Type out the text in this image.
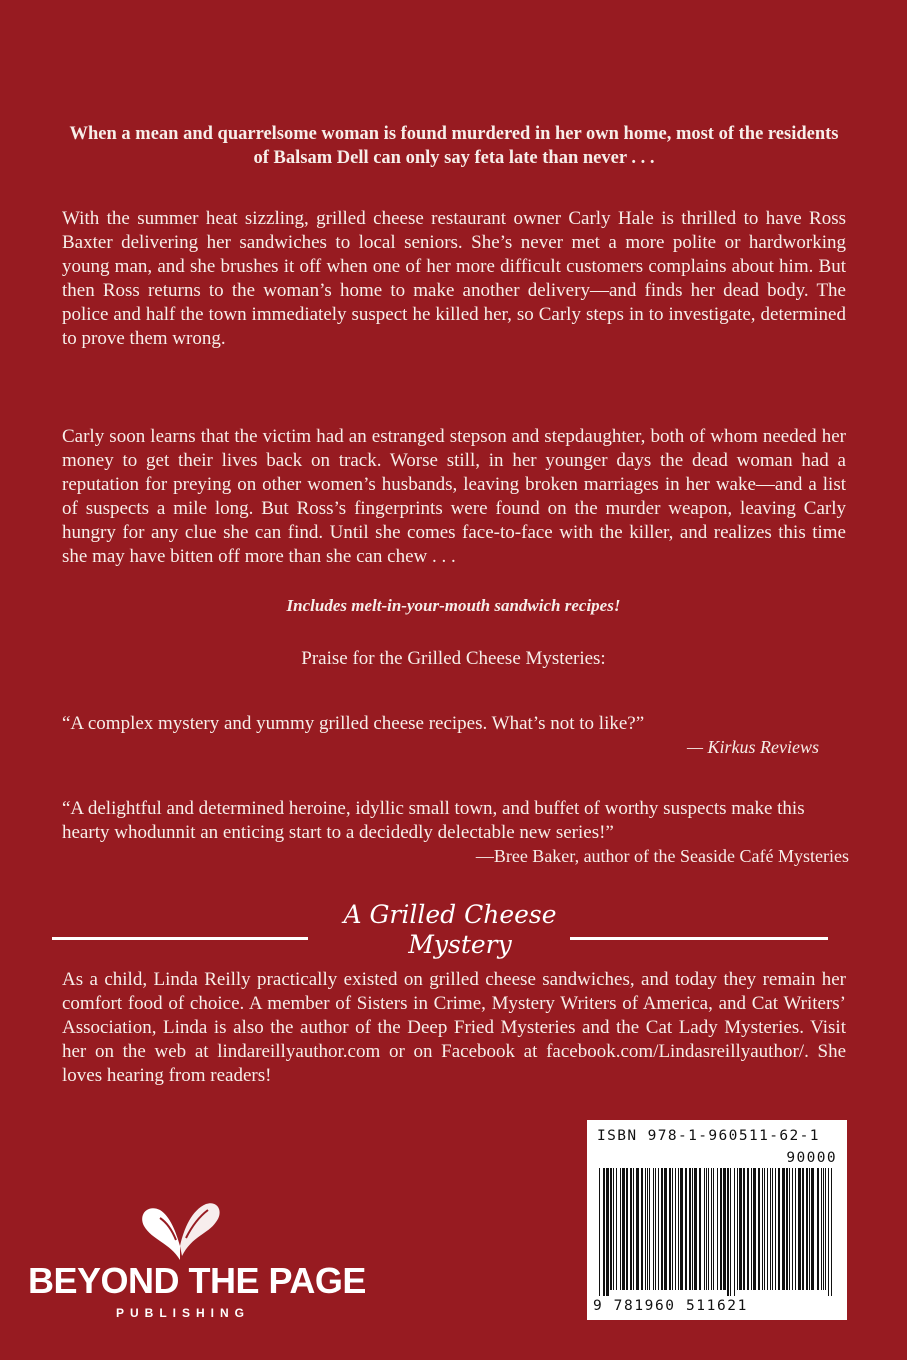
When a mean and quarrelsome woman is found murdered in her own home, most of the residents of Balsam Dell can only say feta late than never . . .

With the summer heat sizzling, grilled cheese restaurant owner Carly Hale is thrilled to have Ross Baxter delivering her sandwiches to local seniors. She’s never met a more polite or hardworking young man, and she brushes it off when one of her more difficult customers complains about him. But then Ross returns to the woman’s home to make another delivery—and finds her dead body. The police and half the town immediately suspect he killed her, so Carly steps in to investigate, determined to prove them wrong.

Carly soon learns that the victim had an estranged stepson and stepdaughter, both of whom needed her money to get their lives back on track. Worse still, in her younger days the dead woman had a reputation for preying on other women’s husbands, leaving broken marriages in her wake—and a list of suspects a mile long. But Ross’s fingerprints were found on the murder weapon, leaving Carly hungry for any clue she can find. Until she comes face-to-face with the killer, and realizes this time she may have bitten off more than she can chew . . .

Includes melt-in-your-mouth sandwich recipes!
Praise for the Grilled Cheese Mysteries:

“A complex mystery and yummy grilled cheese recipes. What’s not to like?”

— Kirkus Reviews

“A delightful and determined heroine, idyllic small town, and buffet of worthy suspects make this hearty whodunnit an enticing start to a decidedly delectable new series!”

—Bree Baker, author of the Seaside Café Mysteries
A Grilled Cheese
Mystery

As a child, Linda Reilly practically existed on grilled cheese sandwiches, and today they remain her comfort food of choice. A member of Sisters in Crime, Mystery Writers of America, and Cat Writers’ Association, Linda is also the author of the Deep Fried Mysteries and the Cat Lady Mysteries. Visit her on the web at lindareillyauthor.com or on Facebook at facebook.com/Lindasreillyauthor/. She loves hearing from readers!

BEYOND THE PAGE
PUBLISHING
ISBN 978-1-960511-62-1
90000
9 781960 511621
